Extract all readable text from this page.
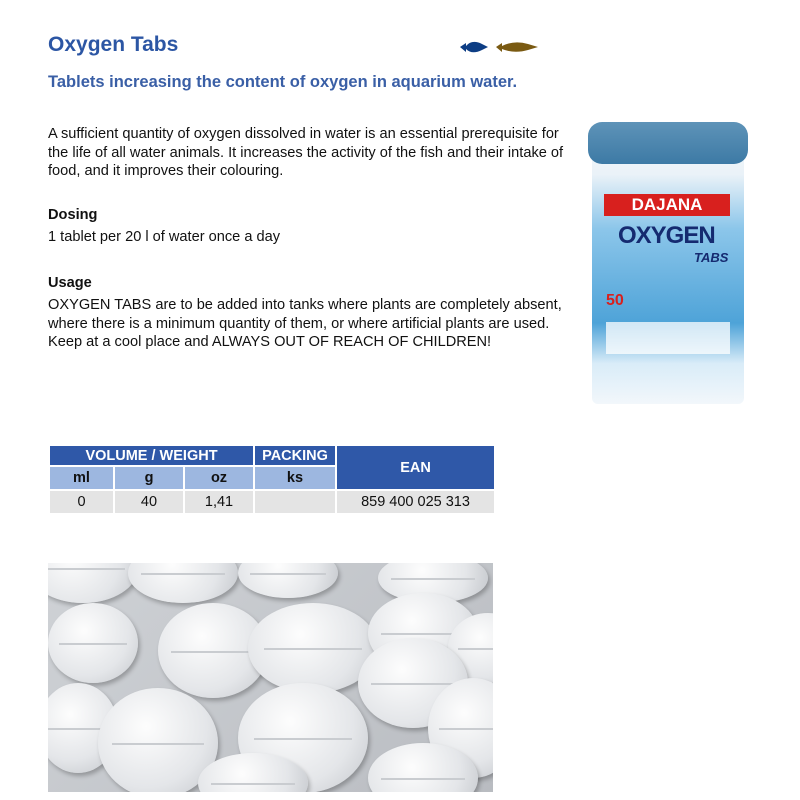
Oxygen Tabs
Tablets increasing the content of oxygen in aquarium water.

A sufficient quantity of oxygen dissolved in water is an essential prerequisite for the life of all water animals. It increases the activity of the fish and their intake of food, and it improves their colouring.

Dosing

1 tablet per 20 l of water once a day

Usage

OXYGEN TABS are to be added into tanks where plants are completely absent, where there is a minimum quantity of them, or where artificial plants are used. Keep at a cool place and ALWAYS OUT OF REACH OF CHILDREN!

DAJANA
OXYGEN
TABS
50
VOLUME / WEIGHT			PACKING	EAN
ml	g	oz	ks	
0	40	1,41		859 400 025 313
